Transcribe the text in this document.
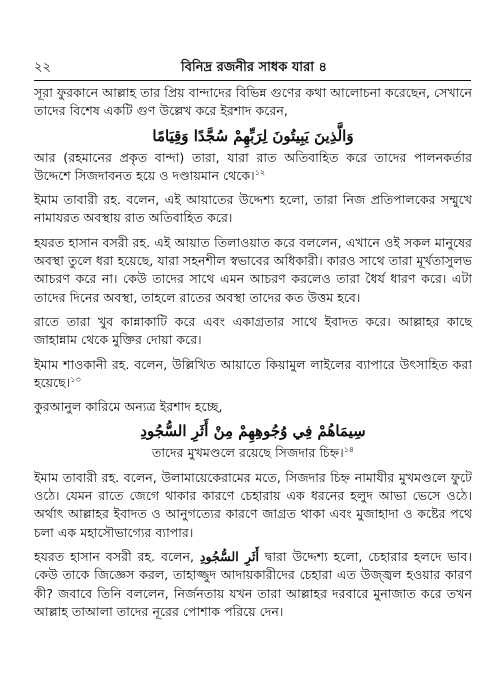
২২	বিনিদ্র রজনীর সাধক যারা ৪

সূরা ফুরকানে আল্লাহ তার প্রিয় বান্দাদের বিভিন্ন গুণের কথা আলোচনা করেছেন, সেখানে তাদের বিশেষ একটি গুণ উল্লেখ করে ইরশাদ করেন,

وَالَّذِينَ يَبِيتُونَ لِرَبِّهِمْ سُجَّدًا وَقِيَامًا

আর (রহমানের প্রকৃত বান্দা) তারা, যারা রাত অতিবাহিত করে তাদের পালনকর্তার উদ্দেশে সিজদাবনত হয়ে ও দণ্ডায়মান থেকে।$^{১২}$

ইমাম তাবারী রহ. বলেন, এই আয়াতের উদ্দেশ্য হলো, তারা নিজ প্রতিপালকের সম্মুখে নামাযরত অবস্থায় রাত অতিবাহিত করে।

হযরত হাসান বসরী রহ. এই আয়াত তিলাওয়াত করে বললেন, এখানে ওই সকল মানুষের অবস্থা তুলে ধরা হয়েছে, যারা সহনশীল স্বভাবের অধিকারী। কারও সাথে তারা মূর্খতাসুলভ আচরণ করে না। কেউ তাদের সাথে এমন আচরণ করলেও তারা ধৈর্য ধারণ করে। এটা তাদের দিনের অবস্থা, তাহলে রাতের অবস্থা তাদের কত উত্তম হবে।

রাতে তারা খুব কান্নাকাটি করে এবং একাগ্রতার সাথে ইবাদত করে। আল্লাহর কাছে জাহান্নাম থেকে মুক্তির দোয়া করে।

ইমাম শাওকানী রহ. বলেন, উল্লিখিত আয়াতে কিয়ামুল লাইলের ব্যাপারে উৎসাহিত করা হয়েছে।$^{১৩}$

কুরআনুল কারিমে অন্যত্র ইরশাদ হচ্ছে,

سِيمَاهُمْ فِي وُجُوهِهِمْ مِنْ أَثَرِ السُّجُودِ

তাদের মুখমণ্ডলে রয়েছে সিজদার চিহ্ন।$^{১৪}$

ইমাম তাবারী রহ. বলেন, উলামায়েকেরামের মতে, সিজদার চিহ্ন নামাযীর মুখমণ্ডলে ফুটে ওঠে। যেমন রাতে জেগে থাকার কারণে চেহারায় এক ধরনের হলুদ আভা ভেসে ওঠে। অর্থাৎ আল্লাহর ইবাদত ও আনুগত্যের কারণে জাগ্রত থাকা এবং মুজাহাদা ও কষ্টের পথে চলা এক মহাসৌভাগ্যের ব্যাপার।

হযরত হাসান বসরী রহ. বলেন, أَثَرِ السُّجُودِ দ্বারা উদ্দেশ্য হলো, চেহারার হলদে ভাব। কেউ তাকে জিজ্ঞেস করল, তাহাজ্জুদ আদায়কারীদের চেহারা এত উজ্জ্বল হওয়ার কারণ কী? জবাবে তিনি বললেন, নির্জনতায় যখন তারা আল্লাহর দরবারে মুনাজাত করে তখন আল্লাহ তাআলা তাদের নূরের পোশাক পরিয়ে দেন।
